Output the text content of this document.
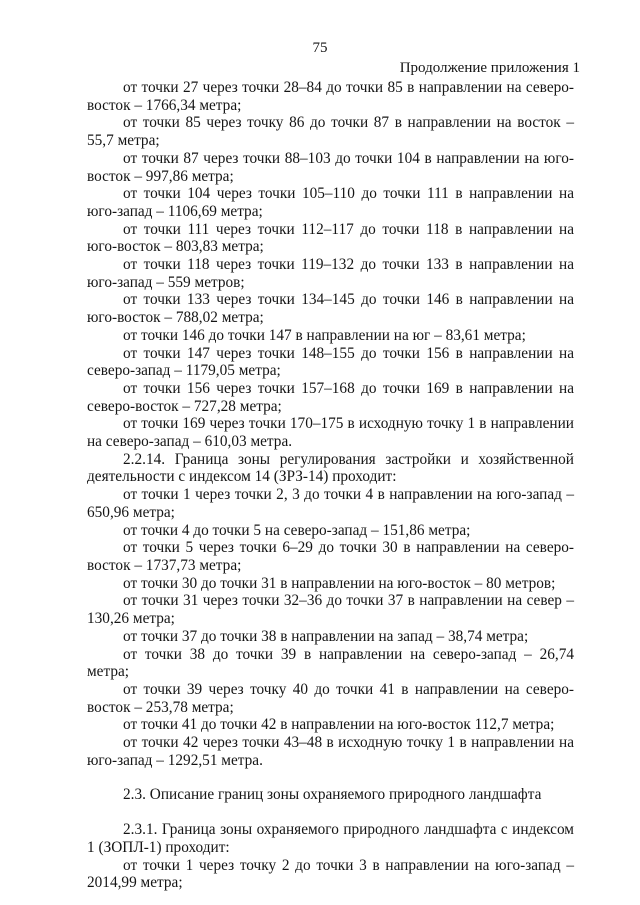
75
Продолжение приложения 1

от точки 27 через точки 28–84 до точки 85 в направлении на северо-восток – 1766,34 метра;

от точки 85 через точку 86 до точки 87 в направлении на восток – 55,7 метра;

от точки 87 через точки 88–103 до точки 104 в направлении на юго-восток – 997,86 метра;

от точки 104 через точки 105–110 до точки 111 в направлении на юго-запад – 1106,69 метра;

от точки 111 через точки 112–117 до точки 118 в направлении на юго-восток – 803,83 метра;

от точки 118 через точки 119–132 до точки 133 в направлении на юго-запад – 559 метров;

от точки 133 через точки 134–145 до точки 146 в направлении на юго-восток – 788,02 метра;

от точки 146 до точки 147 в направлении на юг – 83,61 метра;

от точки 147 через точки 148–155 до точки 156 в направлении на северо-запад – 1179,05 метра;

от точки 156 через точки 157–168 до точки 169 в направлении на северо-восток – 727,28 метра;

от точки 169 через точки 170–175 в исходную точку 1 в направлении на северо-запад – 610,03 метра.

2.2.14. Граница зоны регулирования застройки и хозяйственной деятельности с индексом 14 (ЗРЗ-14) проходит:

от точки 1 через точки 2, 3 до точки 4 в направлении на юго-запад – 650,96 метра;

от точки 4 до точки 5 на северо-запад – 151,86 метра;

от точки 5 через точки 6–29 до точки 30 в направлении на северо-восток – 1737,73 метра;

от точки 30 до точки 31 в направлении на юго-восток – 80 метров;

от точки 31 через точки 32–36 до точки 37 в направлении на север – 130,26 метра;

от точки 37 до точки 38 в направлении на запад – 38,74 метра;

от точки 38 до точки 39 в направлении на северо-запад – 26,74 метра;

от точки 39 через точку 40 до точки 41 в направлении на северо-восток – 253,78 метра;

от точки 41 до точки 42 в направлении на юго-восток 112,7 метра;

от точки 42 через точки 43–48 в исходную точку 1 в направлении на юго-запад – 1292,51 метра.

2.3. Описание границ зоны охраняемого природного ландшафта

2.3.1. Граница зоны охраняемого природного ландшафта с индексом 1 (ЗОПЛ-1) проходит:

от точки 1 через точку 2 до точки 3 в направлении на юго-запад – 2014,99 метра;
